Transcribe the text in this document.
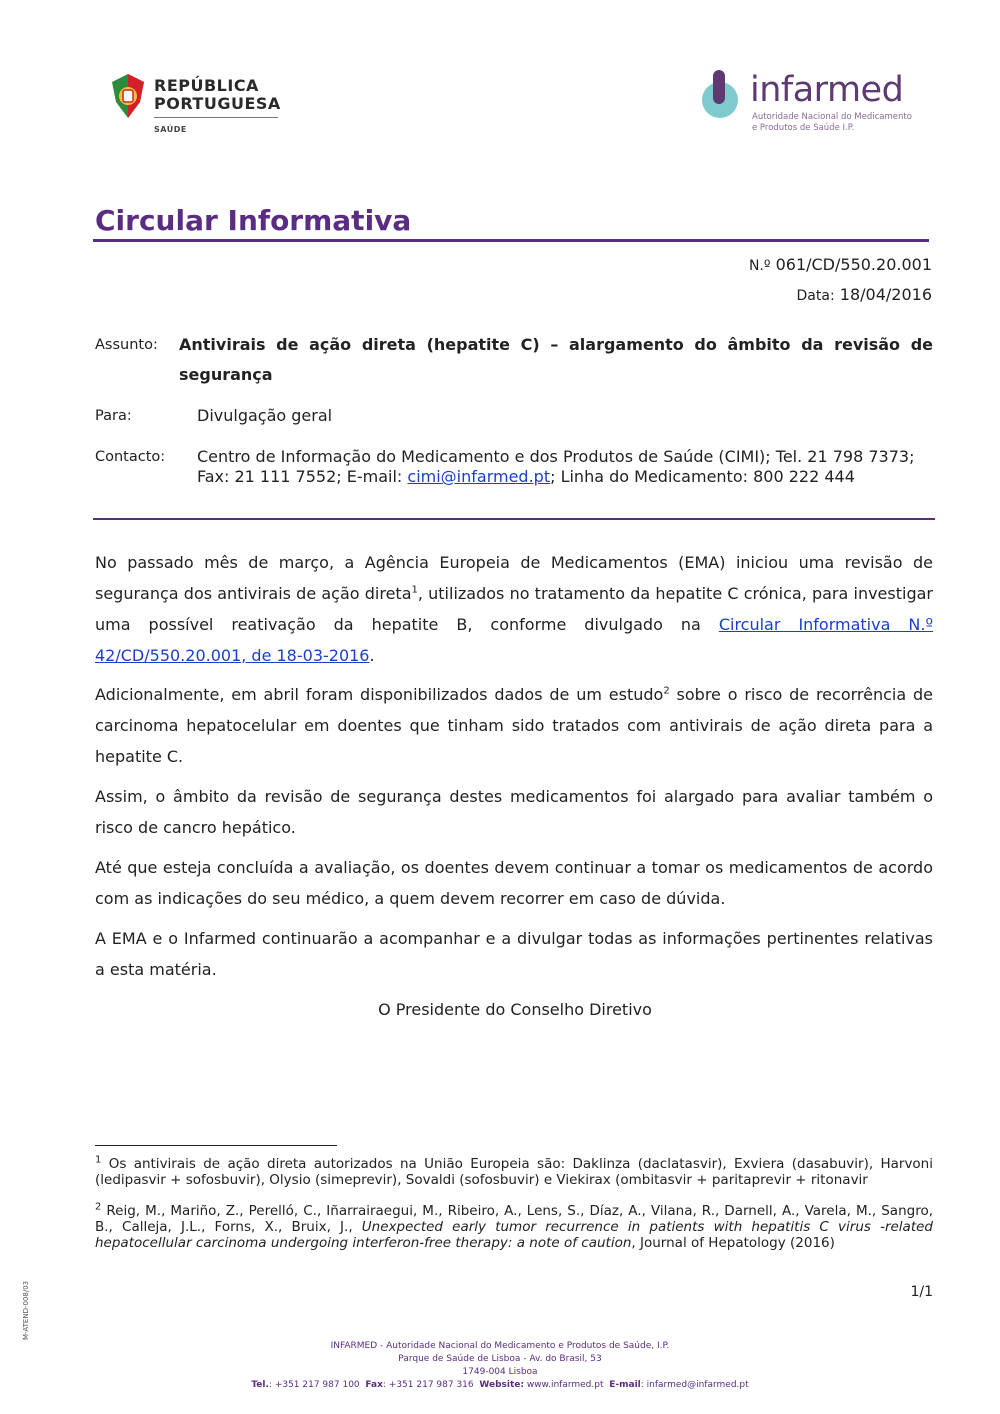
REPÚBLICA
PORTUGUESA
SAÚDE
infarmed
Autoridade Nacional do Medicamento
e Produtos de Saúde I.P.
Circular Informativa
N.º 061/CD/550.20.001
Data: 18/04/2016
Assunto: Antivirais de ação direta (hepatite C) – alargamento do âmbito da revisão de segurança
Para:	Divulgação geral
Contacto: Centro de Informação do Medicamento e dos Produtos de Saúde (CIMI); Tel. 21 798 7373; Fax: 21 111 7552; E-mail: cimi@infarmed.pt; Linha do Medicamento: 800 222 444
No passado mês de março, a Agência Europeia de Medicamentos (EMA) iniciou uma revisão de segurança dos antivirais de ação direta$^1$, utilizados no tratamento da hepatite C crónica, para investigar uma possível reativação da hepatite B, conforme divulgado na Circular Informativa N.º 42/CD/550.20.001, de 18-03-2016.
Adicionalmente, em abril foram disponibilizados dados de um estudo$^2$ sobre o risco de recorrência de carcinoma hepatocelular em doentes que tinham sido tratados com antivirais de ação direta para a hepatite C.
Assim, o âmbito da revisão de segurança destes medicamentos foi alargado para avaliar também o risco de cancro hepático.
Até que esteja concluída a avaliação, os doentes devem continuar a tomar os medicamentos de acordo com as indicações do seu médico, a quem devem recorrer em caso de dúvida.
A EMA e o Infarmed continuarão a acompanhar e a divulgar todas as informações pertinentes relativas a esta matéria.
O Presidente do Conselho Diretivo
$^1$ Os antivirais de ação direta autorizados na União Europeia são: Daklinza (daclatasvir), Exviera (dasabuvir), Harvoni (ledipasvir + sofosbuvir), Olysio (simeprevir), Sovaldi (sofosbuvir) e Viekirax (ombitasvir + paritaprevir + ritonavir
$^2$ Reig, M., Mariño, Z., Perelló, C., Iñarrairaegui, M., Ribeiro, A., Lens, S., Díaz, A., Vilana, R., Darnell, A., Varela, M., Sangro, B., Calleja, J.L., Forns, X., Bruix, J., Unexpected early tumor recurrence in patients with hepatitis C virus -related hepatocellular carcinoma undergoing interferon-free therapy: a note of caution, Journal of Hepatology (2016)
1/1
M-ATEND-008/03
INFARMED - Autoridade Nacional do Medicamento e Produtos de Saúde, I.P.
Parque de Saúde de Lisboa - Av. do Brasil, 53
1749-004 Lisboa
Tel.: +351 217 987 100 Fax: +351 217 987 316 Website: www.infarmed.pt E-mail: infarmed@infarmed.pt
